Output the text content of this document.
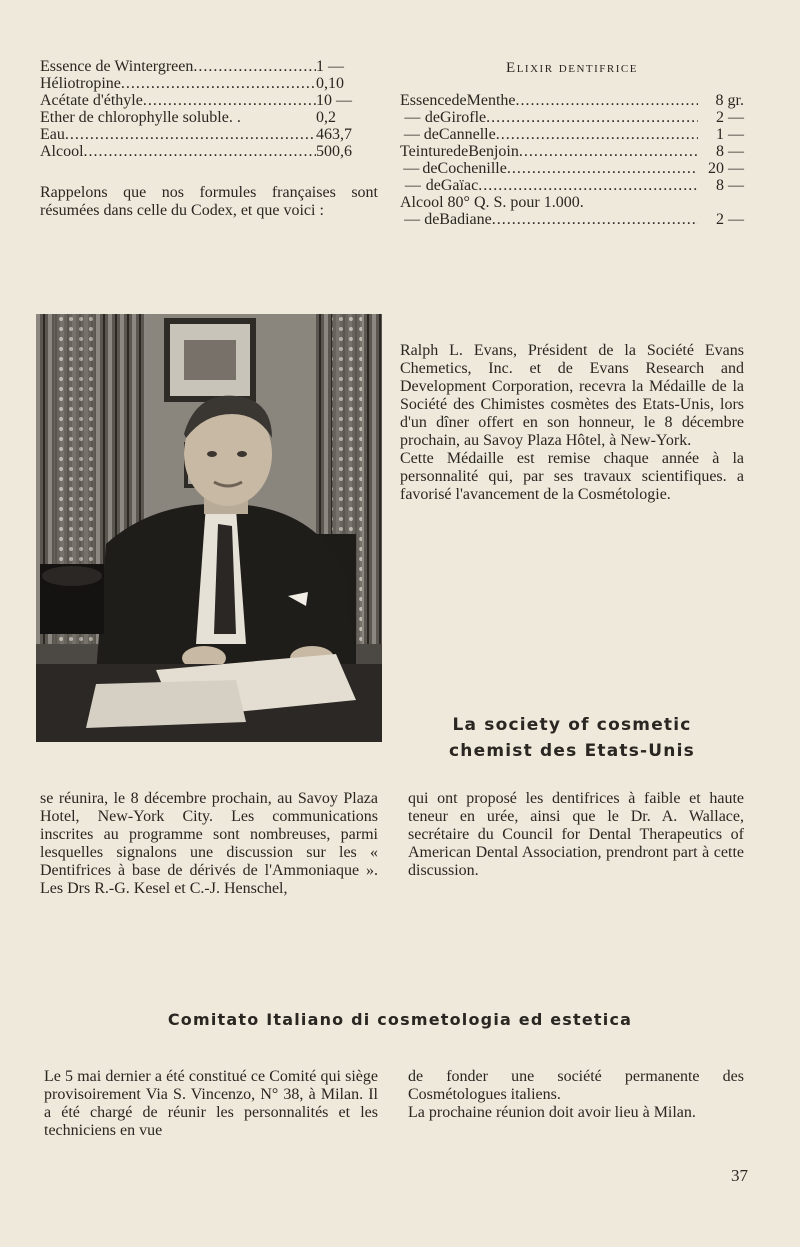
Essence de Wintergreen .....	1 —
Héliotropine .....	0,10
Acétate d'éthyle .....	10 —
Ether de chlorophylle soluble. .	0,2
Eau .....	463,7
Alcool .....	500,6

Rappelons que nos formules françaises sont résumées dans celle du Codex, et que voici :

Elixir dentifrice
Essence de Menthe .....	8 gr.
— de Girofle .....	2 —
— de Cannelle .....	1 —
Teinture de Benjoin .....	8 —
— de Cochenille .....	20 —
— de Gaïac .....	8 —
Alcool 80° Q. S. pour 1.000.
— de Badiane .....	2 —

Ralph L. Evans, Président de la Société Evans Chemetics, Inc. et de Evans Research and Development Corporation, recevra la Médaille de la Société des Chimistes cosmètes des Etats-Unis, lors d'un dîner offert en son honneur, le 8 décembre prochain, au Savoy Plaza Hôtel, à New-York.

Cette Médaille est remise chaque année à la personnalité qui, par ses travaux scientifiques. a favorisé l'avancement de la Cosmétologie.

La society of cosmetic
chemist des Etats-Unis

se réunira, le 8 décembre prochain, au Savoy Plaza Hotel, New-York City. Les communications inscrites au programme sont nombreuses, parmi lesquelles signalons une discussion sur les « Dentifrices à base de dérivés de l'Ammoniaque ». Les Drs R.-G. Kesel et C.-J. Henschel,

qui ont proposé les dentifrices à faible et haute teneur en urée, ainsi que le Dr. A. Wallace, secrétaire du Council for Dental Therapeutics of American Dental Association, prendront part à cette discussion.

Comitato Italiano di cosmetologia ed estetica

Le 5 mai dernier a été constitué ce Comité qui siège provisoirement Via S. Vincenzo, N° 38, à Milan. Il a été chargé de réunir les personnalités et les techniciens en vue

de fonder une société permanente des Cosmétologues italiens.

La prochaine réunion doit avoir lieu à Milan.

37
